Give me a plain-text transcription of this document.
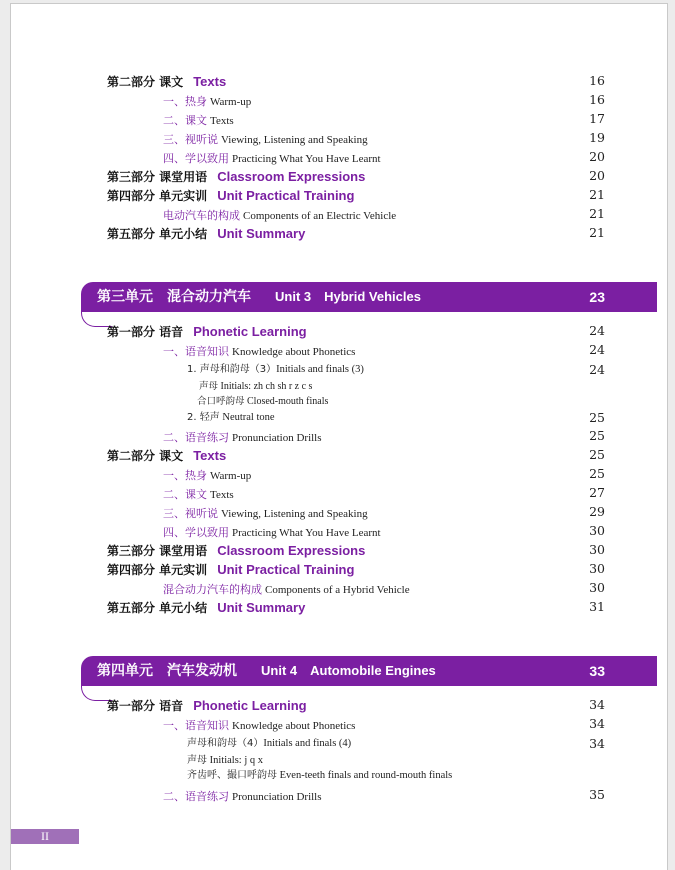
第二部分 课文 Texts	16
一、热身 Warm-up	16
二、课文 Texts	17
三、视听说 Viewing, Listening and Speaking	19
四、学以致用 Practicing What You Have Learnt	20
第三部分 课堂用语 Classroom Expressions	20
第四部分 单元实训 Unit Practical Training	21
电动汽车的构成 Components of an Electric Vehicle	21
第五部分 单元小结 Unit Summary	21
第三单元　混合动力汽车 Unit 3　Hybrid Vehicles	23
第一部分 语音 Phonetic Learning	24
一、语音知识 Knowledge about Phonetics	24
1. 声母和韵母（3）Initials and finals (3)	24
声母 Initials: zh ch sh r z c s
合口呼韵母 Closed-mouth finals
2. 轻声 Neutral tone	25
二、语音练习 Pronunciation Drills	25
第二部分 课文 Texts	25
一、热身 Warm-up	25
二、课文 Texts	27
三、视听说 Viewing, Listening and Speaking	29
四、学以致用 Practicing What You Have Learnt	30
第三部分 课堂用语 Classroom Expressions	30
第四部分 单元实训 Unit Practical Training	30
混合动力汽车的构成 Components of a Hybrid Vehicle	30
第五部分 单元小结 Unit Summary	31
第四单元　汽车发动机 Unit 4　Automobile Engines	33
第一部分 语音 Phonetic Learning	34
一、语音知识 Knowledge about Phonetics	34
声母和韵母（4）Initials and finals (4)	34
声母 Initials: j q x
齐齿呼、撮口呼韵母 Even-teeth finals and round-mouth finals
二、语音练习 Pronunciation Drills	35
II
